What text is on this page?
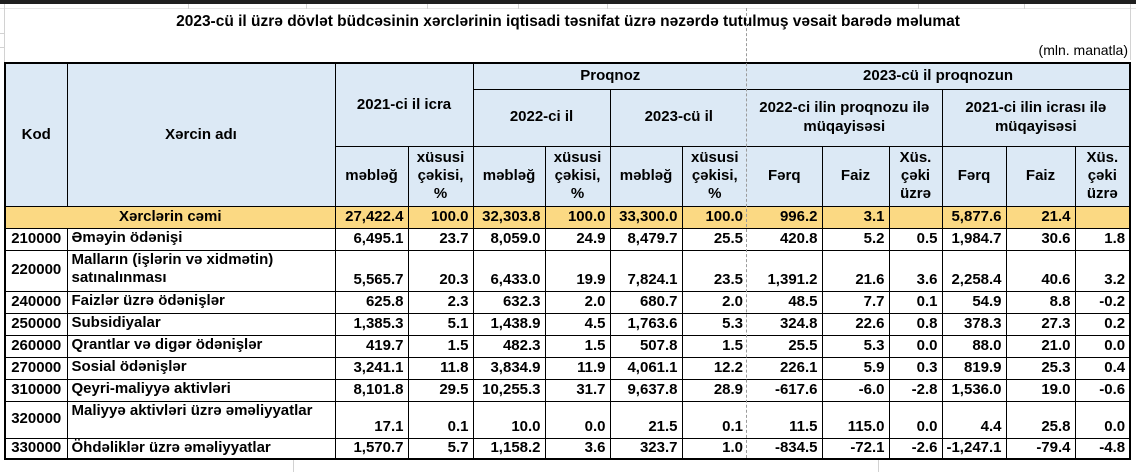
2023-cü il üzrə dövlət büdcəsinin xərclərinin iqtisadi təsnifat üzrə nəzərdə tutulmuş vəsait barədə məlumat
(mln. manatla)
Kod	Xərcin adı	2021-ci il icra		Proqnoz				2023-cü il proqnozun					
				2022-ci il		2023-cü il		2022-ci ilin proqnozu ilə müqayisəsi			2021-ci ilin icrası ilə müqayisəsi		
		məbləğ	xüsusi çəkisi, %	məbləğ	xüsusi çəkisi, %	məbləğ	xüsusi çəkisi, %	Fərq	Faiz	Xüs. çəki üzrə	Fərq	Faiz	Xüs. çəki üzrə
Xərclərin cəmi		27,422.4	100.0	32,303.8	100.0	33,300.0	100.0	996.2	3.1		5,877.6	21.4	
210000	Əməyin ödənişi	6,495.1	23.7	8,059.0	24.9	8,479.7	25.5	420.8	5.2	0.5	1,984.7	30.6	1.8
220000	Malların (işlərin və xidmətin) satınalınması	5,565.7	20.3	6,433.0	19.9	7,824.1	23.5	1,391.2	21.6	3.6	2,258.4	40.6	3.2
240000	Faizlər üzrə ödənişlər	625.8	2.3	632.3	2.0	680.7	2.0	48.5	7.7	0.1	54.9	8.8	-0.2
250000	Subsidiyalar	1,385.3	5.1	1,438.9	4.5	1,763.6	5.3	324.8	22.6	0.8	378.3	27.3	0.2
260000	Qrantlar və digər ödənişlər	419.7	1.5	482.3	1.5	507.8	1.5	25.5	5.3	0.0	88.0	21.0	0.0
270000	Sosial ödənişlər	3,241.1	11.8	3,834.9	11.9	4,061.1	12.2	226.1	5.9	0.3	819.9	25.3	0.4
310000	Qeyri-maliyyə aktivləri	8,101.8	29.5	10,255.3	31.7	9,637.8	28.9	-617.6	-6.0	-2.8	1,536.0	19.0	-0.6
320000	Maliyyə aktivləri üzrə əməliyyatlar	17.1	0.1	10.0	0.0	21.5	0.1	11.5	115.0	0.0	4.4	25.8	0.0
330000	Öhdəliklər üzrə əməliyyatlar	1,570.7	5.7	1,158.2	3.6	323.7	1.0	-834.5	-72.1	-2.6	-1,247.1	-79.4	-4.8
